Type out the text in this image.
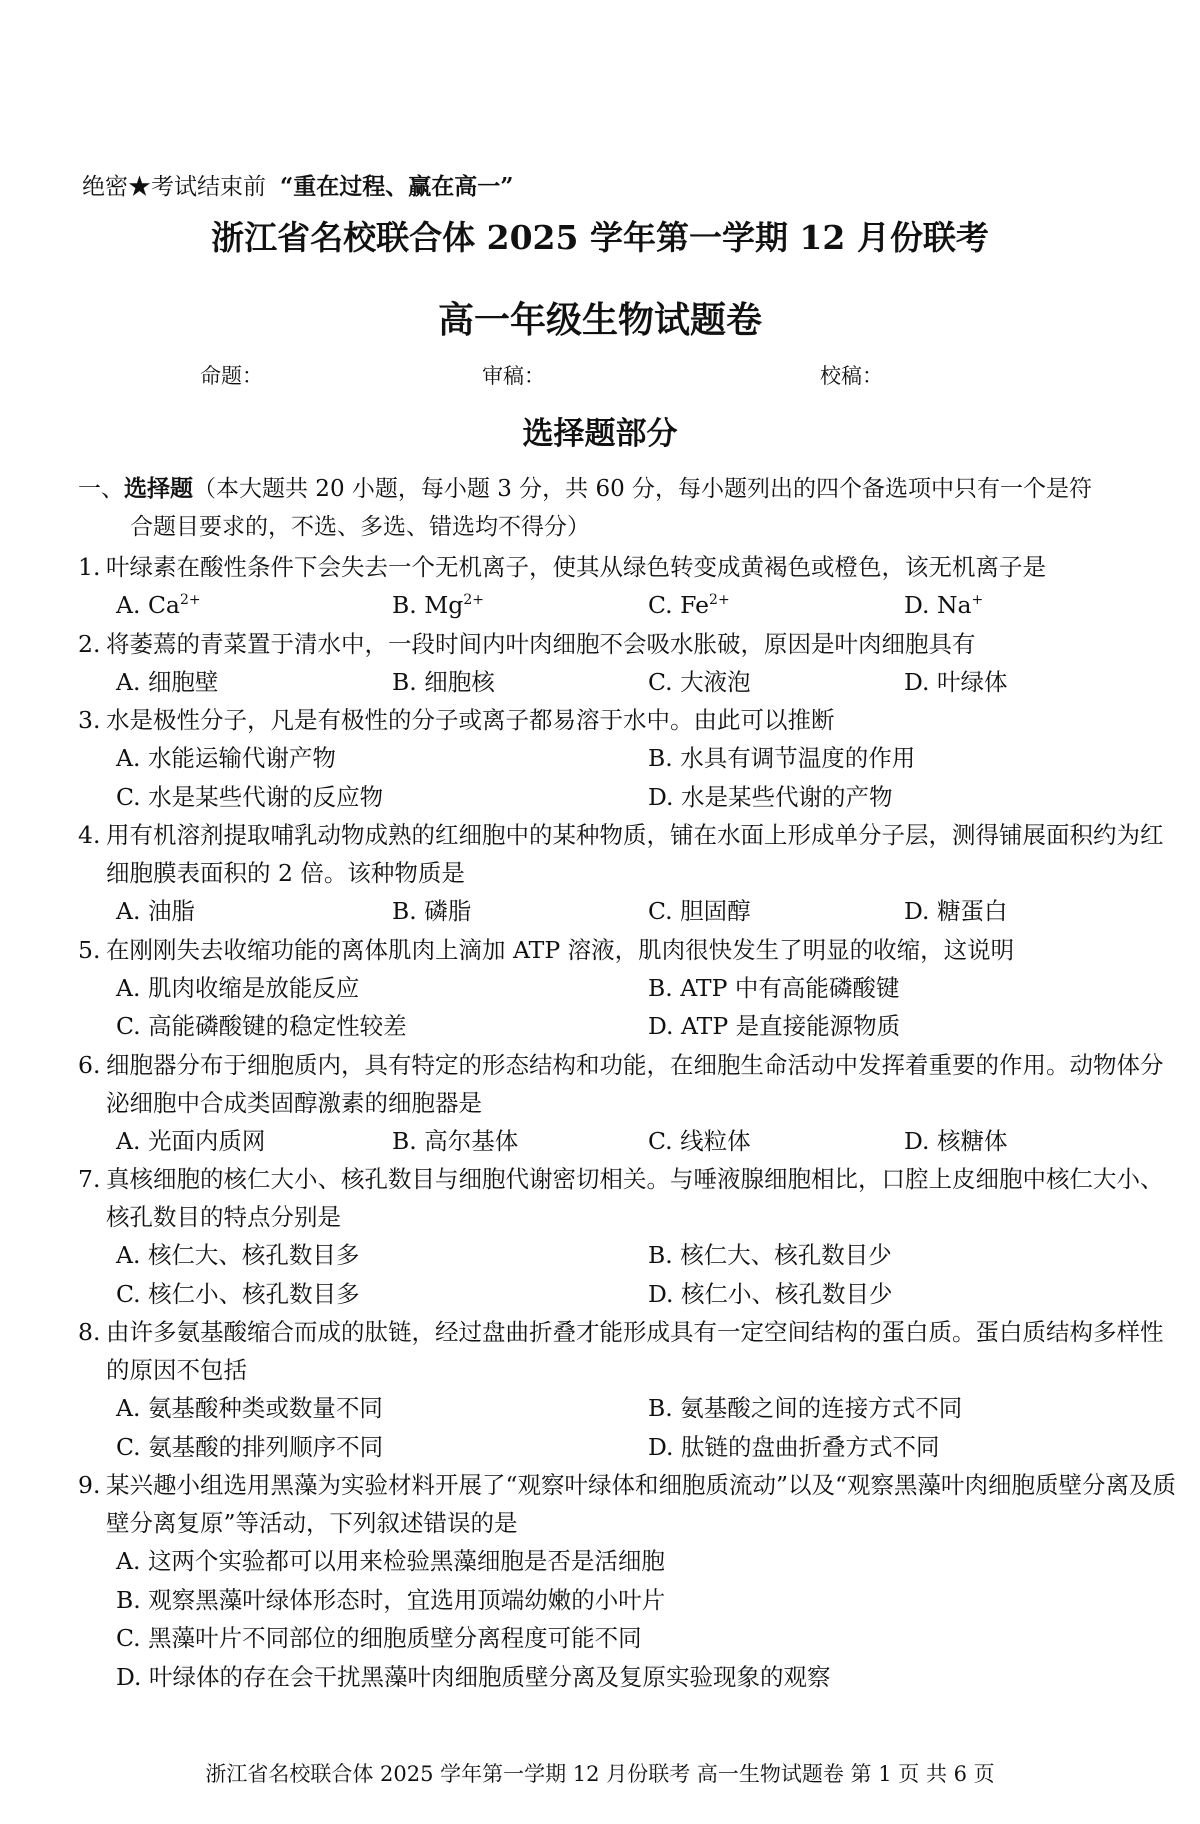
绝密★考试结束前 “重在过程、赢在高一”
浙江省名校联合体 2025 学年第一学期 12 月份联考
高一年级生物试题卷
命题：	审稿：	校稿：
选择题部分
一、选择题（本大题共 20 小题，每小题 3 分，共 60 分，每小题列出的四个备选项中只有一个是符
合题目要求的，不选、多选、错选均不得分）
1. 叶绿素在酸性条件下会失去一个无机离子，使其从绿色转变成黄褐色或橙色，该无机离子是
A. $Ca^{2+}$	B. $Mg^{2+}$	C. $Fe^{2+}$	D. Na+
2. 将萎蔫的青菜置于清水中，一段时间内叶肉细胞不会吸水胀破，原因是叶肉细胞具有
A. 细胞壁	B. 细胞核	C. 大液泡	D. 叶绿体
3. 水是极性分子，凡是有极性的分子或离子都易溶于水中。由此可以推断
A. 水能运输代谢产物	B. 水具有调节温度的作用
C. 水是某些代谢的反应物	D. 水是某些代谢的产物
4. 用有机溶剂提取哺乳动物成熟的红细胞中的某种物质，铺在水面上形成单分子层，测得铺展面积约为红细胞膜表面积的 2 倍。该种物质是
A. 油脂	B. 磷脂	C. 胆固醇	D. 糖蛋白
5. 在刚刚失去收缩功能的离体肌肉上滴加 ATP 溶液，肌肉很快发生了明显的收缩，这说明
A. 肌肉收缩是放能反应	B. ATP 中有高能磷酸键
C. 高能磷酸键的稳定性较差	D. ATP 是直接能源物质
6. 细胞器分布于细胞质内，具有特定的形态结构和功能，在细胞生命活动中发挥着重要的作用。动物体分泌细胞中合成类固醇激素的细胞器是
A. 光面内质网	B. 高尔基体	C. 线粒体	D. 核糖体
7. 真核细胞的核仁大小、核孔数目与细胞代谢密切相关。与唾液腺细胞相比，口腔上皮细胞中核仁大小、核孔数目的特点分别是
A. 核仁大、核孔数目多	B. 核仁大、核孔数目少
C. 核仁小、核孔数目多	D. 核仁小、核孔数目少
8. 由许多氨基酸缩合而成的肽链，经过盘曲折叠才能形成具有一定空间结构的蛋白质。蛋白质结构多样性的原因不包括
A. 氨基酸种类或数量不同	B. 氨基酸之间的连接方式不同
C. 氨基酸的排列顺序不同	D. 肽链的盘曲折叠方式不同
9. 某兴趣小组选用黑藻为实验材料开展了“观察叶绿体和细胞质流动”以及“观察黑藻叶肉细胞质壁分离及质壁分离复原”等活动，下列叙述错误的是
A. 这两个实验都可以用来检验黑藻细胞是否是活细胞
B. 观察黑藻叶绿体形态时，宜选用顶端幼嫩的小叶片
C. 黑藻叶片不同部位的细胞质壁分离程度可能不同
D. 叶绿体的存在会干扰黑藻叶肉细胞质壁分离及复原实验现象的观察
浙江省名校联合体 2025 学年第一学期 12 月份联考 高一生物试题卷 第 1 页 共 6 页
